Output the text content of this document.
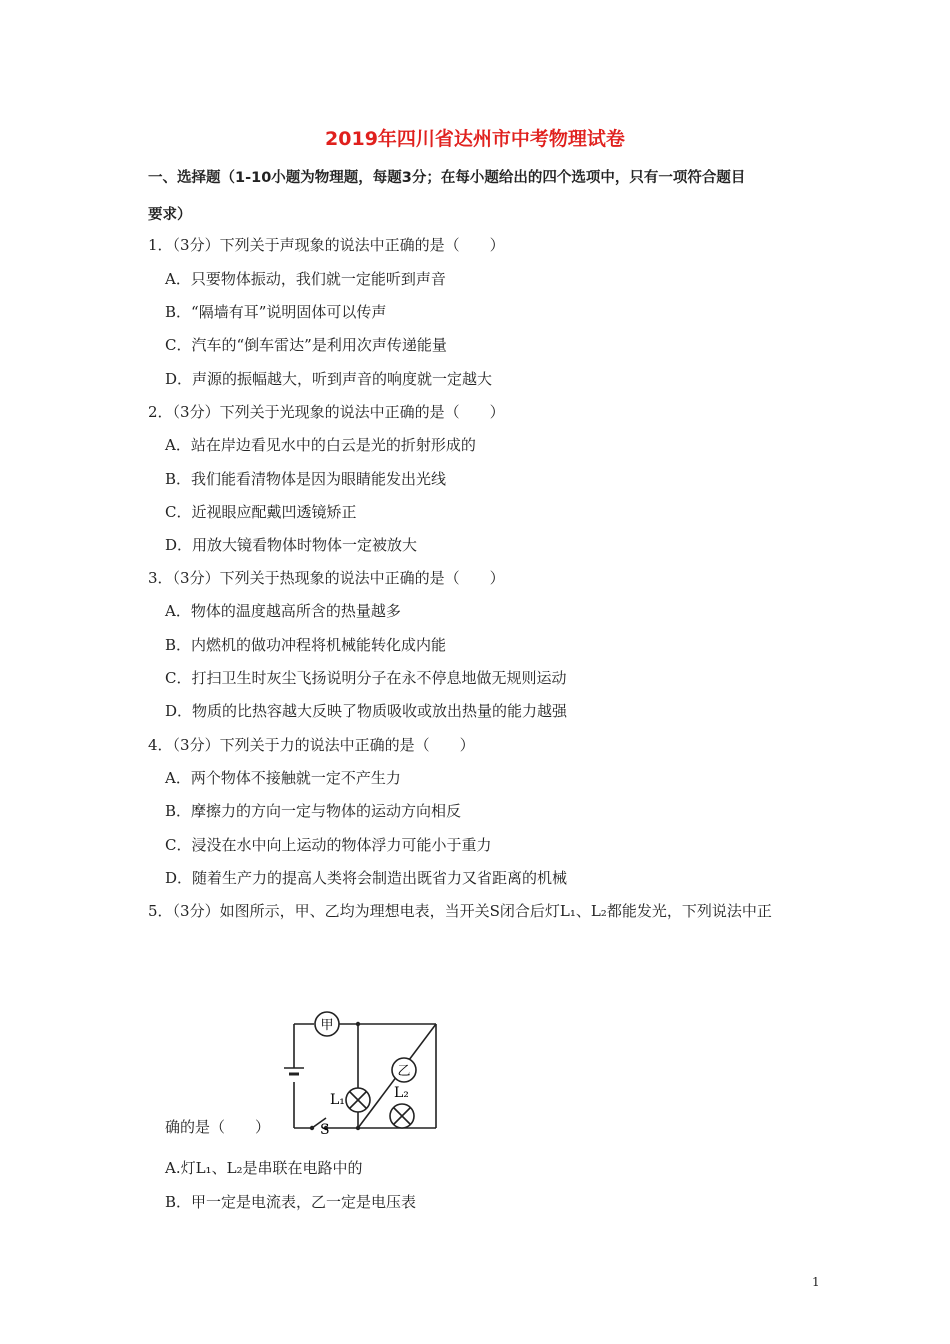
2019年四川省达州市中考物理试卷
一、选择题（1-10小题为物理题，每题3分；在每小题给出的四个选项中，只有一项符合题目
要求）
1．（3分）下列关于声现象的说法中正确的是（　　）
A．只要物体振动，我们就一定能听到声音
B．“隔墙有耳”说明固体可以传声
C．汽车的“倒车雷达”是利用次声传递能量
D．声源的振幅越大，听到声音的响度就一定越大
2．（3分）下列关于光现象的说法中正确的是（　　）
A．站在岸边看见水中的白云是光的折射形成的
B．我们能看清物体是因为眼睛能发出光线
C．近视眼应配戴凹透镜矫正
D．用放大镜看物体时物体一定被放大
3．（3分）下列关于热现象的说法中正确的是（　　）
A．物体的温度越高所含的热量越多
B．内燃机的做功冲程将机械能转化成内能
C．打扫卫生时灰尘飞扬说明分子在永不停息地做无规则运动
D．物质的比热容越大反映了物质吸收或放出热量的能力越强
4．（3分）下列关于力的说法中正确的是（　　）
A．两个物体不接触就一定不产生力
B．摩擦力的方向一定与物体的运动方向相反
C．浸没在水中向上运动的物体浮力可能小于重力
D．随着生产力的提高人类将会制造出既省力又省距离的机械
5．（3分）如图所示，甲、乙均为理想电表，当开关S闭合后灯L₁、L₂都能发光，下列说法中正
甲
乙
L₁	L₂
S
确的是（　　）
A.灯L₁、L₂是串联在电路中的
B．甲一定是电流表，乙一定是电压表
1
